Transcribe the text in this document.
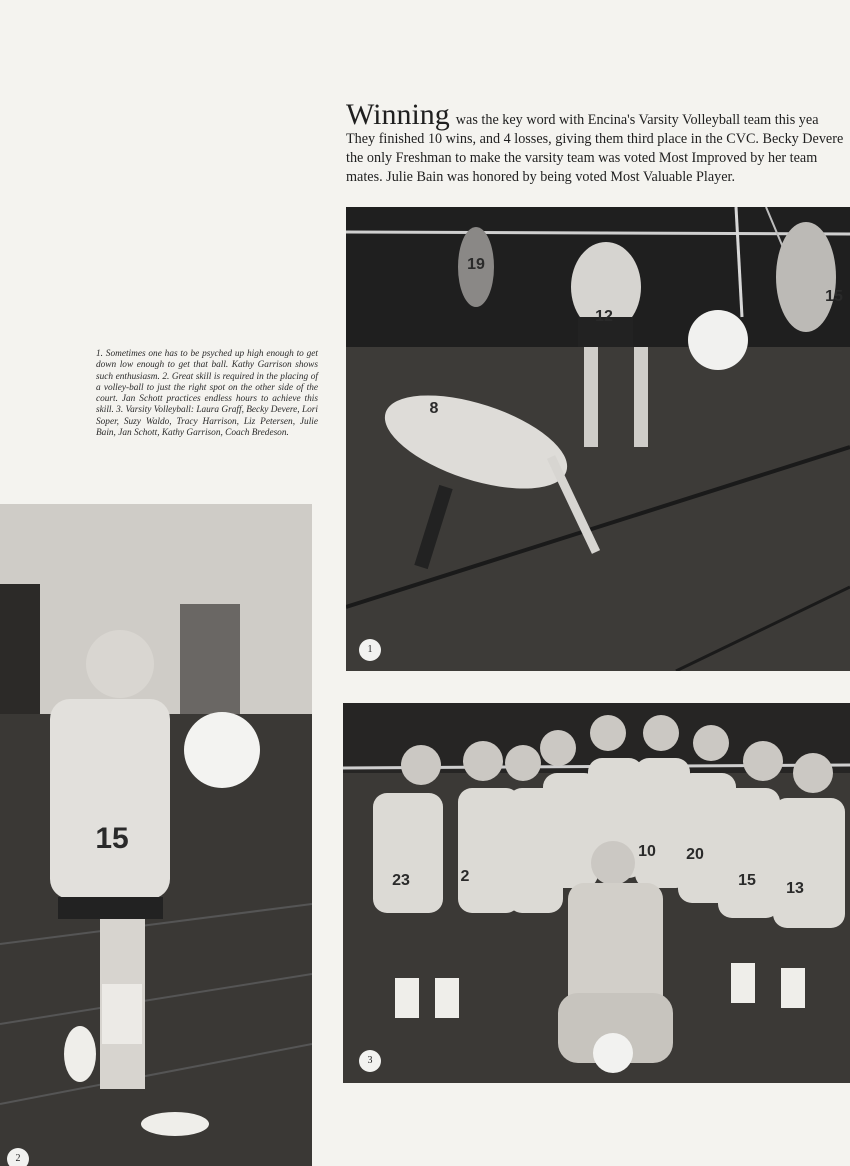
Winning was the key word with Encina's Varsity Volleyball team this yea
They finished 10 wins, and 4 losses, giving them third place in the CVC. Becky Devere
the only Freshman to make the varsity team was voted Most Improved by her team
mates. Julie Bain was honored by being voted Most Valuable Player.
1. Sometimes one has to be psyched up high enough to get down low enough to get that ball. Kathy Garrison shows such enthusiasm. 2. Great skill is required in the placing of a volley-ball to just the right spot on the other side of the court. Jan Schott practices endless hours to achieve this skill. 3. Varsity Volleyball: Laura Graff, Becky Devere, Lori Soper, Suzy Waldo, Tracy Harrison, Liz Petersen, Julie Bain, Jan Schott, Kathy Garrison, Coach Bredeson.
12
15
19
8
1
15
2
23	2
10 20
15 13
3
